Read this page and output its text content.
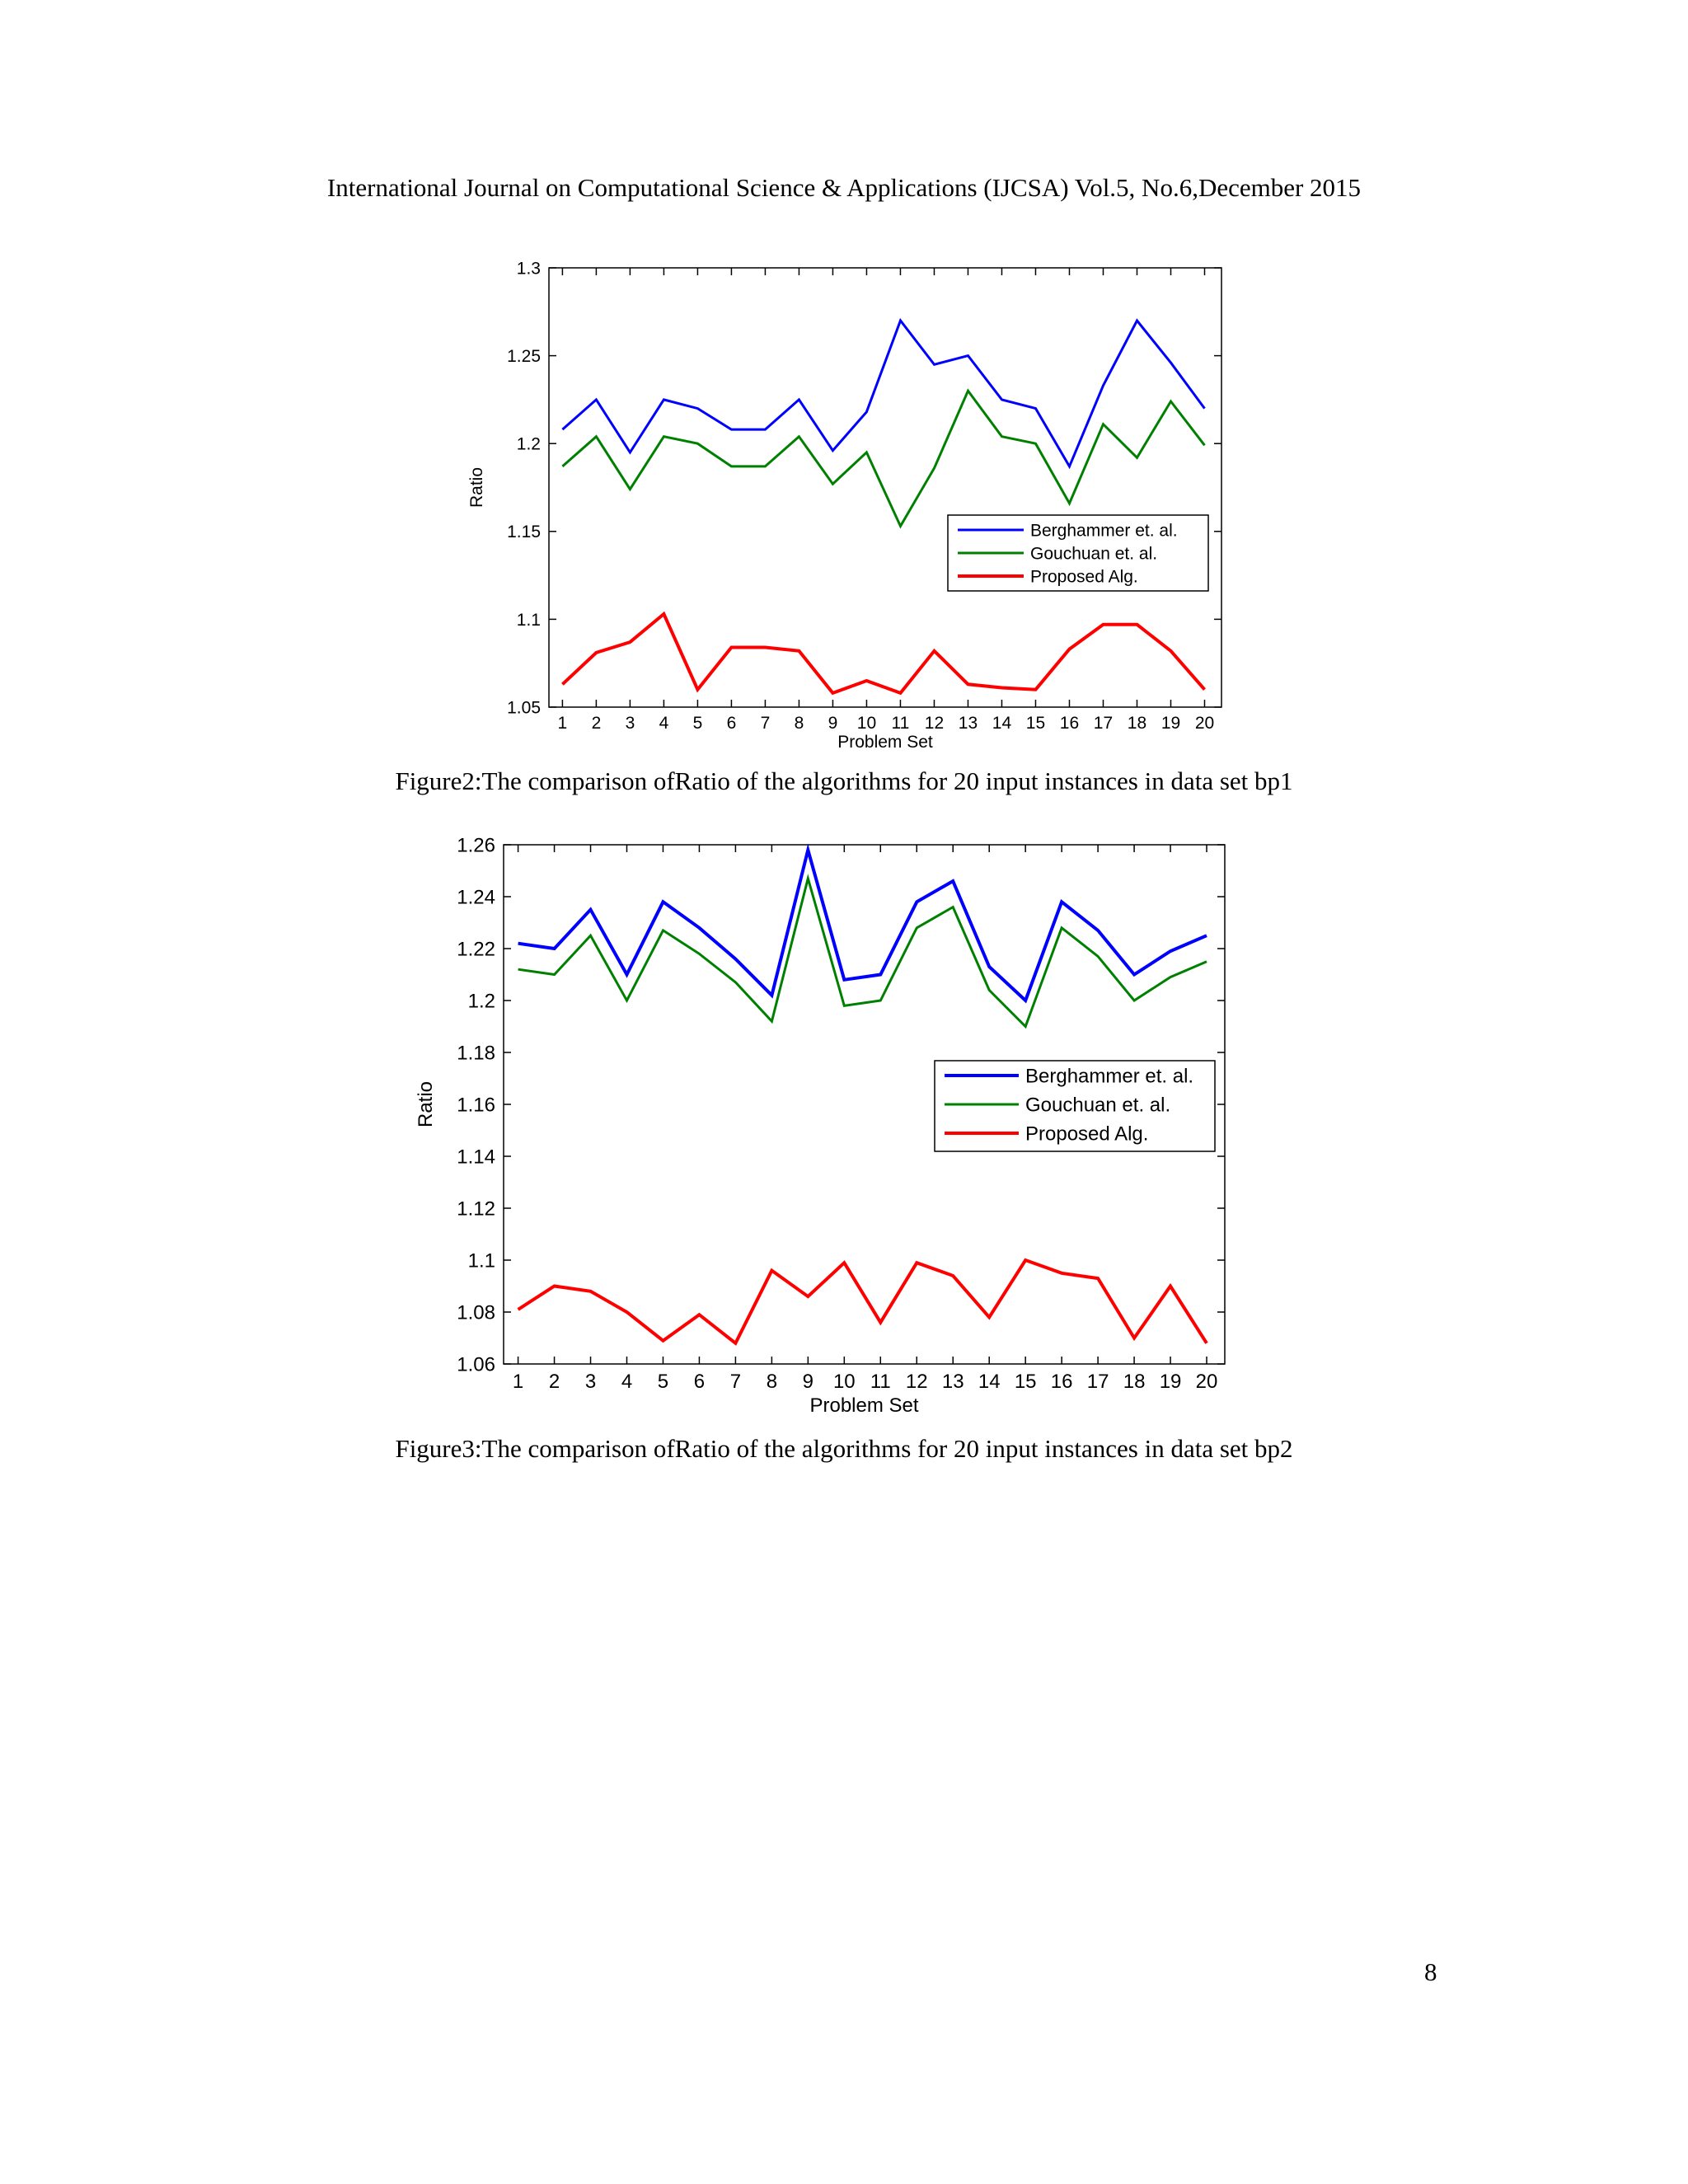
International Journal on Computational Science & Applications (IJCSA) Vol.5, No.6,December 2015
1.05
1.1
1.15
1.2
1.25
1.3
1 2 3 4 5 6 7 8 9 10 11 12 13 14 15 16 17 18 19 20
Problem Set
Ratio
Berghammer et. al.
Gouchuan et. al.
Proposed Alg.
Figure2:The comparison ofRatio of the algorithms for 20 input instances in data set bp1
1.06
1.08
1.1
1.12
1.14
1.16
1.18
1.2
1.22
1.24
1.26
1 2 3 4 5 6 7 8 9 10 11 12 13 14 15 16 17 18 19 20
Problem Set
Ratio
Berghammer et. al.
Gouchuan et. al.
Proposed Alg.
Figure3:The comparison ofRatio of the algorithms for 20 input instances in data set bp2
8
